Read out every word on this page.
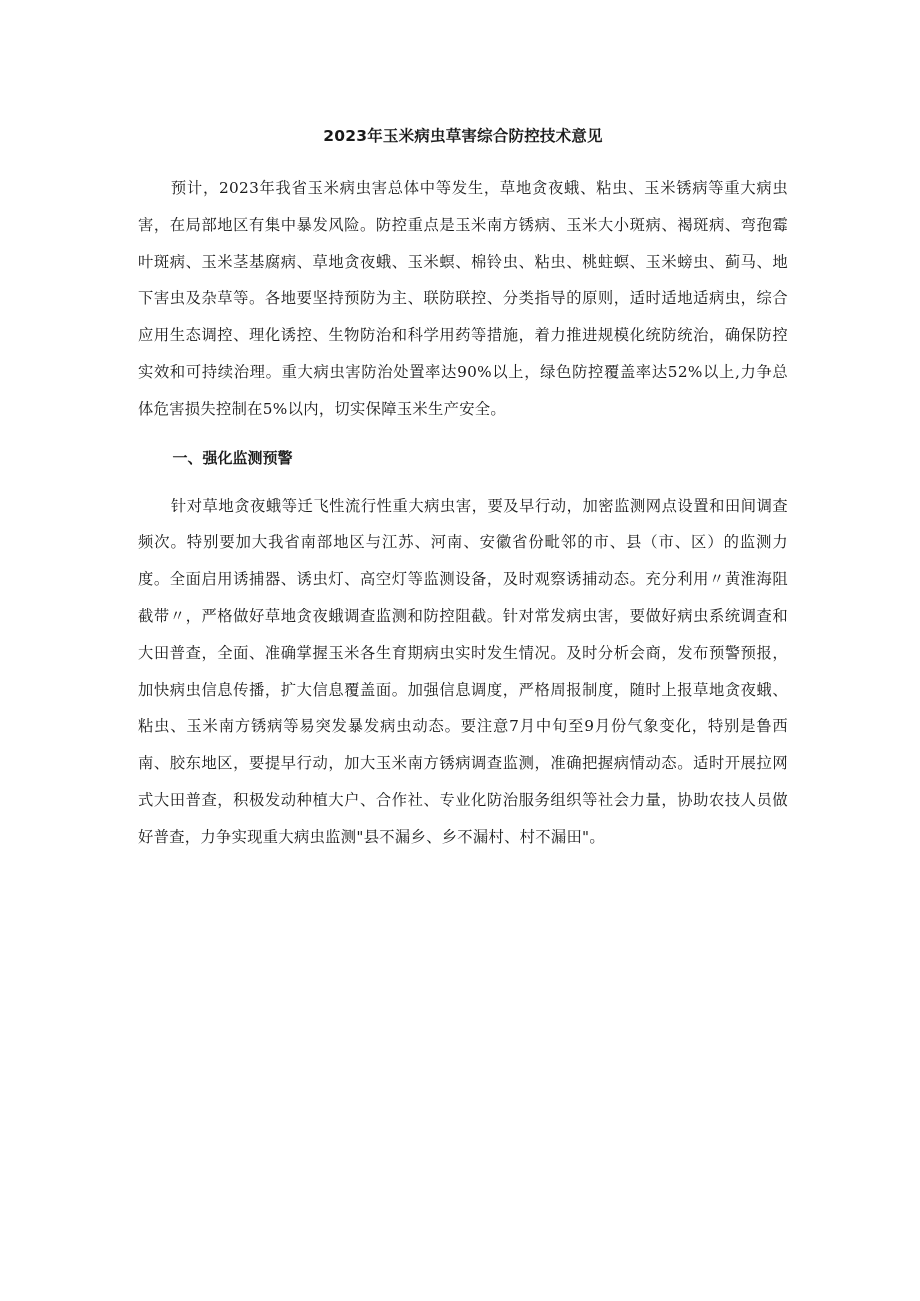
2023年玉米病虫草害综合防控技术意见

预计，2023年我省玉米病虫害总体中等发生，草地贪夜蛾、粘虫、玉米锈病等重大病虫害，在局部地区有集中暴发风险。防控重点是玉米南方锈病、玉米大小斑病、褐斑病、弯孢霉叶斑病、玉米茎基腐病、草地贪夜蛾、玉米螟、棉铃虫、粘虫、桃蛀螟、玉米螃虫、蓟马、地下害虫及杂草等。各地要坚持预防为主、联防联控、分类指导的原则，适时适地适病虫，综合应用生态调控、理化诱控、生物防治和科学用药等措施，着力推进规模化统防统治，确保防控实效和可持续治理。重大病虫害防治处置率达90%以上，绿色防控覆盖率达52%以上,力争总体危害损失控制在5%以内，切实保障玉米生产安全。

一、强化监测预警

针对草地贪夜蛾等迁飞性流行性重大病虫害，要及早行动，加密监测网点设置和田间调查频次。特别要加大我省南部地区与江苏、河南、安徽省份毗邻的市、县（市、区）的监测力度。全面启用诱捕器、诱虫灯、高空灯等监测设备，及时观察诱捕动态。充分利用〃黄淮海阻截带〃，严格做好草地贪夜蛾调查监测和防控阻截。针对常发病虫害，要做好病虫系统调查和大田普查，全面、准确掌握玉米各生育期病虫实时发生情况。及时分析会商，发布预警预报，加快病虫信息传播，扩大信息覆盖面。加强信息调度，严格周报制度，随时上报草地贪夜蛾、粘虫、玉米南方锈病等易突发暴发病虫动态。要注意7月中旬至9月份气象变化，特别是鲁西南、胶东地区，要提早行动，加大玉米南方锈病调查监测，准确把握病情动态。适时开展拉网式大田普查，积极发动种植大户、合作社、专业化防治服务组织等社会力量，协助农技人员做好普查，力争实现重大病虫监测"县不漏乡、乡不漏村、村不漏田"。
